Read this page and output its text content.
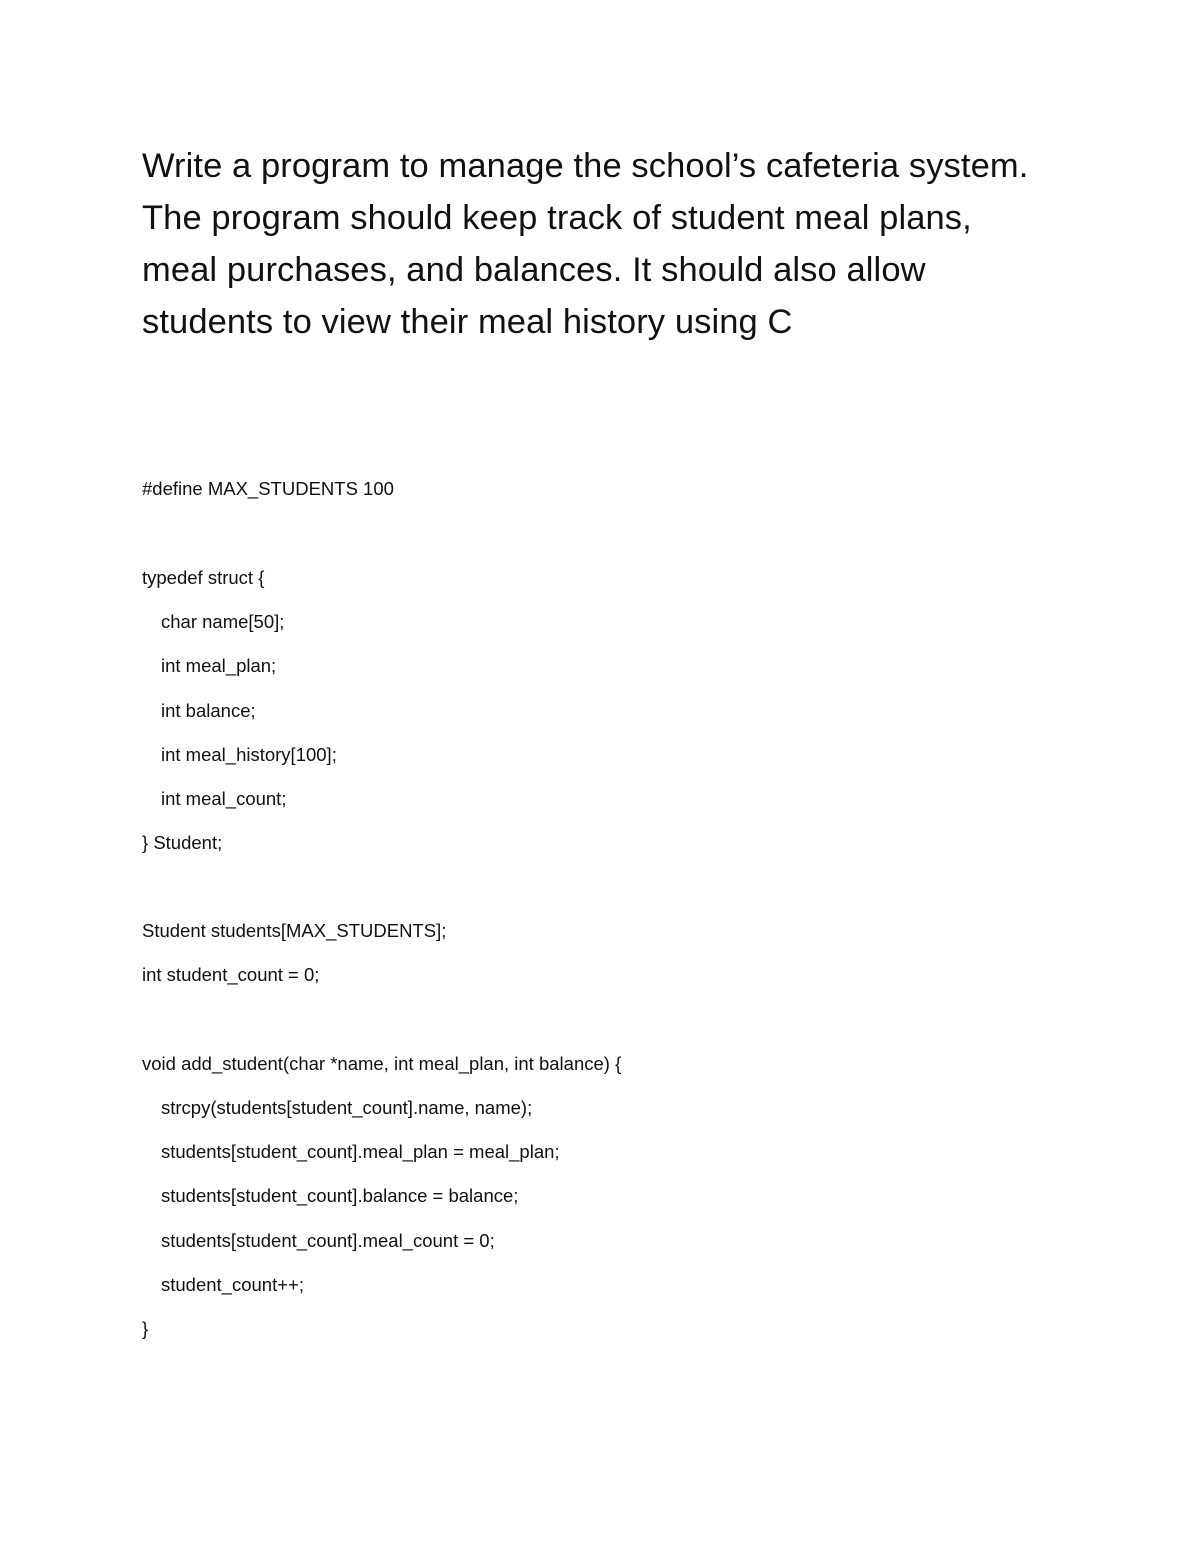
Write a program to manage the school’s cafeteria system.
The program should keep track of student meal plans,
meal purchases, and balances. It should also allow
students to view their meal history using C
#define MAX_STUDENTS 100
typedef struct {
char name[50];
int meal_plan;
int balance;
int meal_history[100];
int meal_count;
} Student;
Student students[MAX_STUDENTS];
int student_count = 0;
void add_student(char *name, int meal_plan, int balance) {
strcpy(students[student_count].name, name);
students[student_count].meal_plan = meal_plan;
students[student_count].balance = balance;
students[student_count].meal_count = 0;
student_count++;
}
